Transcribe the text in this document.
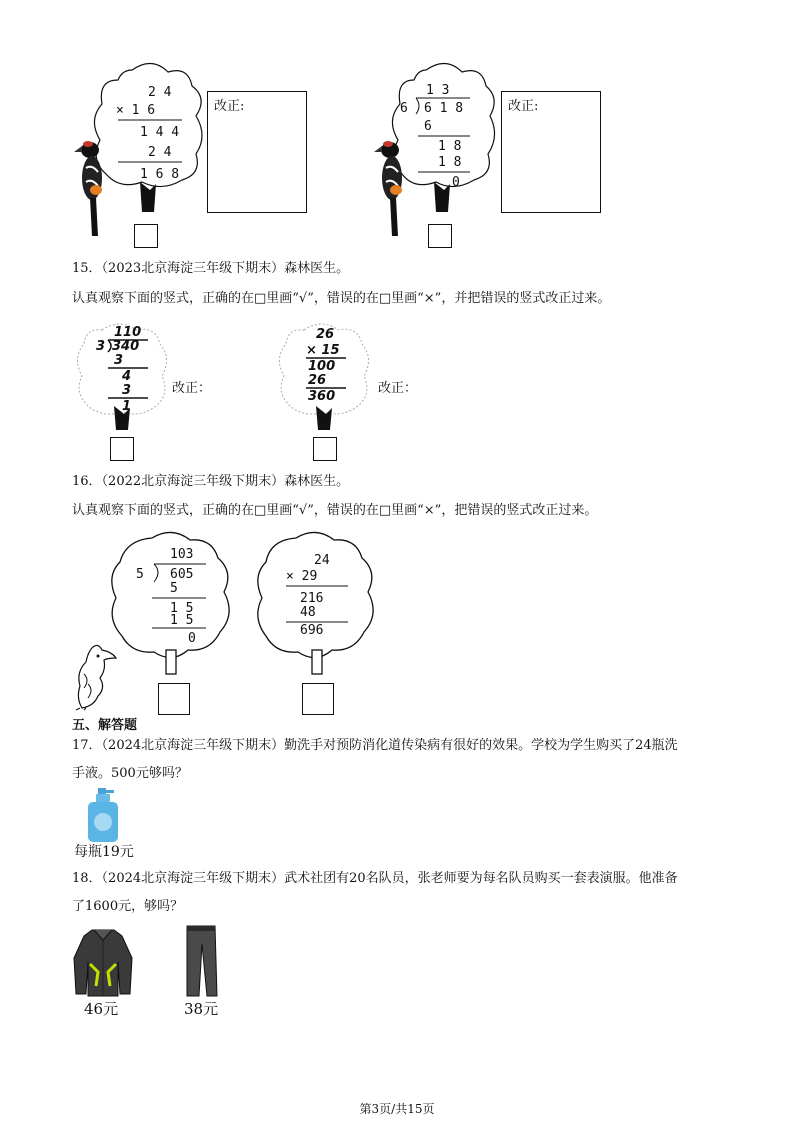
2 4
× 1 6
1 4 4
2 4
1 6 8
改正:
1 3
6 6 1 8
6
1 8
1 8
0
改正:
15．（2023北京海淀三年级下期末）森林医生。
认真观察下面的竖式，正确的在□里画“√”，错误的在□里画“×”，并把错误的竖式改正过来。
110
3 340
3
4
3
1
改正：
26
× 15
100
26
360
改正：
16．（2022北京海淀三年级下期末）森林医生。
认真观察下面的竖式，正确的在□里画“√”，错误的在□里画“×”，把错误的竖式改正过来。
103
5 605
5
1 5
1 5
0
24
× 29
216
48
696
五、解答题
17．（2024北京海淀三年级下期末）勤洗手对预防消化道传染病有很好的效果。学校为学生购买了24瓶洗
手液。500元够吗？
每瓶19元
18．（2024北京海淀三年级下期末）武术社团有20名队员，张老师要为每名队员购买一套表演服。他准备
了1600元，够吗？
46元	38元
第3页/共15页
